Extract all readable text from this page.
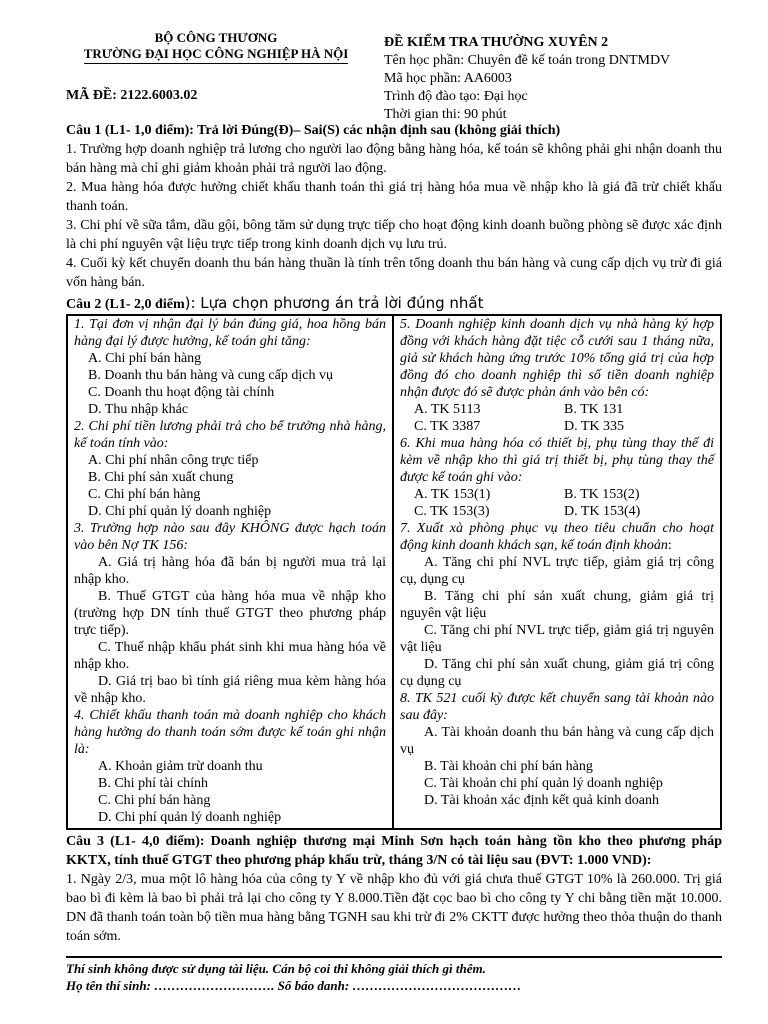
BỘ CÔNG THƯƠNG
TRƯỜNG ĐẠI HỌC CÔNG NGHIỆP HÀ NỘI
MÃ ĐỀ: 2122.6003.02
ĐỀ KIỂM TRA THƯỜNG XUYÊN 2
Tên học phần: Chuyên đề kế toán trong DNTMDV
Mã học phần: AA6003
Trình độ đào tạo: Đại học
Thời gian thi: 90 phút
Câu 1 (L1- 1,0 điểm): Trả lời Đúng(Đ)– Sai(S) các nhận định sau (không giải thích)
1. Trường hợp doanh nghiệp trả lương cho người lao động bằng hàng hóa, kế toán sẽ không phải ghi nhận doanh thu bán hàng mà chỉ ghi giảm khoản phải trả người lao động.
2. Mua hàng hóa được hưởng chiết khấu thanh toán thì giá trị hàng hóa mua về nhập kho là giá đã trừ chiết khấu thanh toán.
3. Chi phí về sữa tắm, dầu gội, bông tăm sử dụng trực tiếp cho hoạt động kinh doanh buồng phòng sẽ được xác định là chi phí nguyên vật liệu trực tiếp trong kinh doanh dịch vụ lưu trú.
4. Cuối kỳ kết chuyển doanh thu bán hàng thuần là tính trên tổng doanh thu bán hàng và cung cấp dịch vụ trừ đi giá vốn hàng bán.
Câu 2 (L1- 2,0 điểm): Lựa chọn phương án trả lời đúng nhất
1. Tại đơn vị nhận đại lý bán đúng giá, hoa hồng bán hàng đại lý được hưởng, kế toán ghi tăng:
A. Chi phí bán hàng
B. Doanh thu bán hàng và cung cấp dịch vụ
C. Doanh thu hoạt động tài chính
D. Thu nhập khác
2. Chi phí tiền lương phải trả cho bể trưởng nhà hàng, kế toán tính vào:
A. Chi phí nhân công trực tiếp
B. Chi phí sản xuất chung
C. Chi phí bán hàng
D. Chi phí quản lý doanh nghiệp
3. Trường hợp nào sau đây KHÔNG được hạch toán vào bên Nợ TK 156:
A. Giá trị hàng hóa đã bán bị người mua trả lại nhập kho.
B. Thuế GTGT của hàng hóa mua về nhập kho (trường hợp DN tính thuế GTGT theo phương pháp trực tiếp).
C. Thuế nhập khẩu phát sinh khi mua hàng hóa về nhập kho.
D. Giá trị bao bì tính giá riêng mua kèm hàng hóa về nhập kho.
4. Chiết khấu thanh toán mà doanh nghiệp cho khách hàng hưởng do thanh toán sớm được kế toán ghi nhận là:
A. Khoản giảm trừ doanh thu
B. Chi phí tài chính
C. Chi phí bán hàng
D. Chi phí quản lý doanh nghiệp
5. Doanh nghiệp kinh doanh dịch vụ nhà hàng ký hợp đồng với khách hàng đặt tiệc cỗ cưới sau 1 tháng nữa, giả sử khách hàng ứng trước 10% tổng giá trị của hợp đồng đó cho doanh nghiệp thì số tiền doanh nghiệp nhận được đó sẽ được phản ánh vào bên có:
A. TK 5113	B. TK 131
C. TK 3387	D. TK 335
6. Khi mua hàng hóa có thiết bị, phụ tùng thay thế đi kèm về nhập kho thì giá trị thiết bị, phụ tùng thay thế được kế toán ghi vào:
A. TK 153(1)	B. TK 153(2)
C. TK 153(3)	D. TK 153(4)
7. Xuất xà phòng phục vụ theo tiêu chuẩn cho hoạt động kinh doanh khách sạn, kế toán định khoản:
A. Tăng chi phí NVL trực tiếp, giảm giá trị công cụ, dụng cụ
B. Tăng chi phí sản xuất chung, giảm giá trị nguyên vật liệu
C. Tăng chi phí NVL trực tiếp, giảm giá trị nguyên vật liệu
D. Tăng chi phí sản xuất chung, giảm giá trị công cụ dụng cụ
8. TK 521 cuối kỳ được kết chuyển sang tài khoản nào sau đây:
A. Tài khoản doanh thu bán hàng và cung cấp dịch vụ
B. Tài khoản chi phí bán hàng
C. Tài khoản chi phí quản lý doanh nghiệp
D. Tài khoản xác định kết quả kinh doanh
Câu 3 (L1- 4,0 điểm): Doanh nghiệp thương mại Minh Sơn hạch toán hàng tồn kho theo phương pháp KKTX, tính thuế GTGT theo phương pháp khấu trừ, tháng 3/N có tài liệu sau (ĐVT: 1.000 VND):
1. Ngày 2/3, mua một lô hàng hóa của công ty Y về nhập kho đủ với giá chưa thuế GTGT 10% là 260.000. Trị giá bao bì đi kèm là bao bì phải trả lại cho công ty Y 8.000.Tiền đặt cọc bao bì cho công ty Y chi bằng tiền mặt 10.000. DN đã thanh toán toàn bộ tiền mua hàng bằng TGNH sau khi trừ đi 2% CKTT được hưởng theo thỏa thuận do thanh toán sớm.
Thí sinh không được sử dụng tài liệu. Cán bộ coi thi không giải thích gì thêm.
Họ tên thí sinh: ………………………. Số báo danh: …………………………………
